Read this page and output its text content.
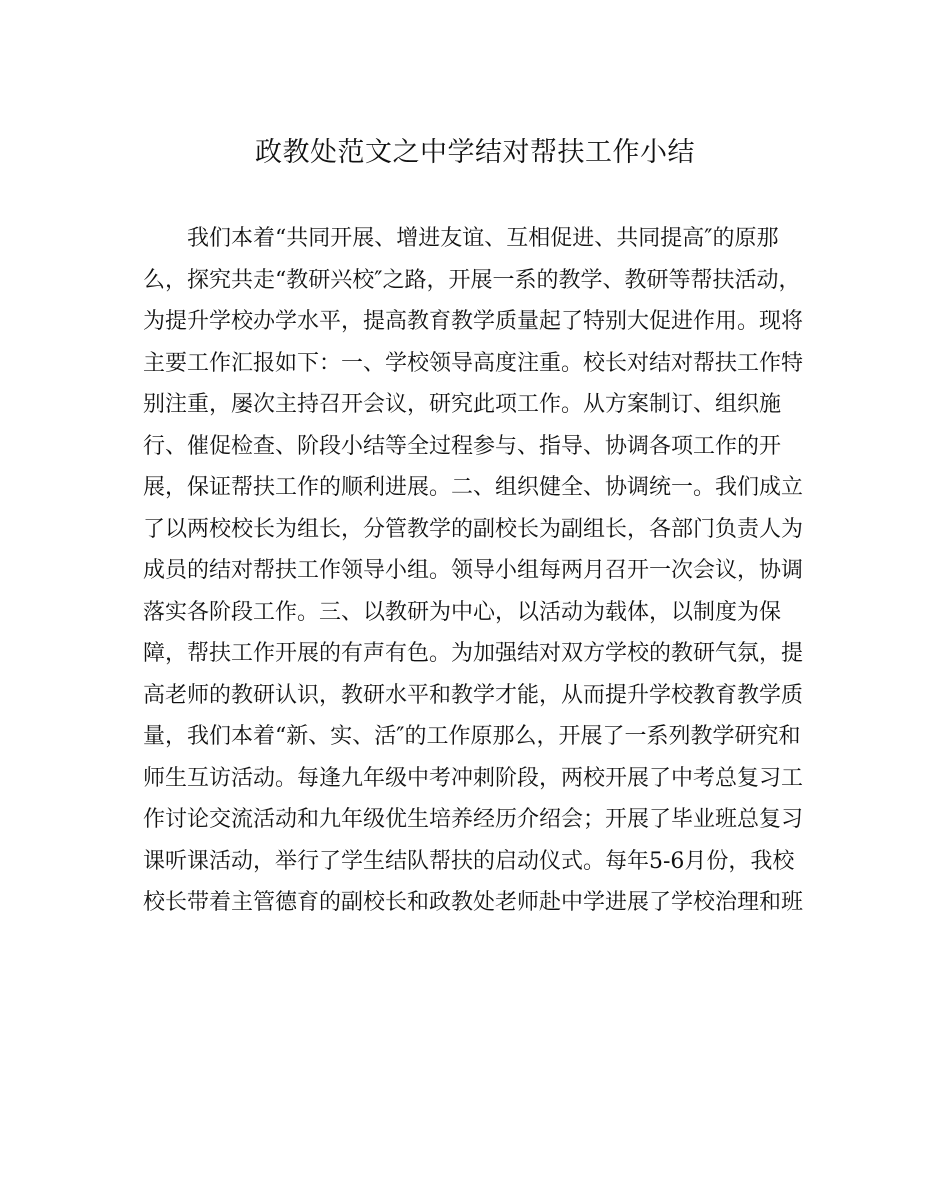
政教处范文之中学结对帮扶工作小结
我们本着“共同开展、增进友谊、互相促进、共同提高″的原那
么，探究共走“教研兴校″之路，开展一系的教学、教研等帮扶活动，
为提升学校办学水平，提高教育教学质量起了特别大促进作用。现将
主要工作汇报如下：一、学校领导高度注重。校长对结对帮扶工作特
别注重，屡次主持召开会议，研究此项工作。从方案制订、组织施
行、催促检查、阶段小结等全过程参与、指导、协调各项工作的开
展，保证帮扶工作的顺利进展。二、组织健全、协调统一。我们成立
了以两校校长为组长，分管教学的副校长为副组长，各部门负责人为
成员的结对帮扶工作领导小组。领导小组每两月召开一次会议，协调
落实各阶段工作。三、以教研为中心，以活动为载体，以制度为保
障，帮扶工作开展的有声有色。为加强结对双方学校的教研气氛，提
高老师的教研认识，教研水平和教学才能，从而提升学校教育教学质
量，我们本着“新、实、活″的工作原那么，开展了一系列教学研究和
师生互访活动。每逢九年级中考冲刺阶段，两校开展了中考总复习工
作讨论交流活动和九年级优生培养经历介绍会；开展了毕业班总复习
课听课活动，举行了学生结队帮扶的启动仪式。每年5-6月份，我校
校长带着主管德育的副校长和政教处老师赴中学进展了学校治理和班
